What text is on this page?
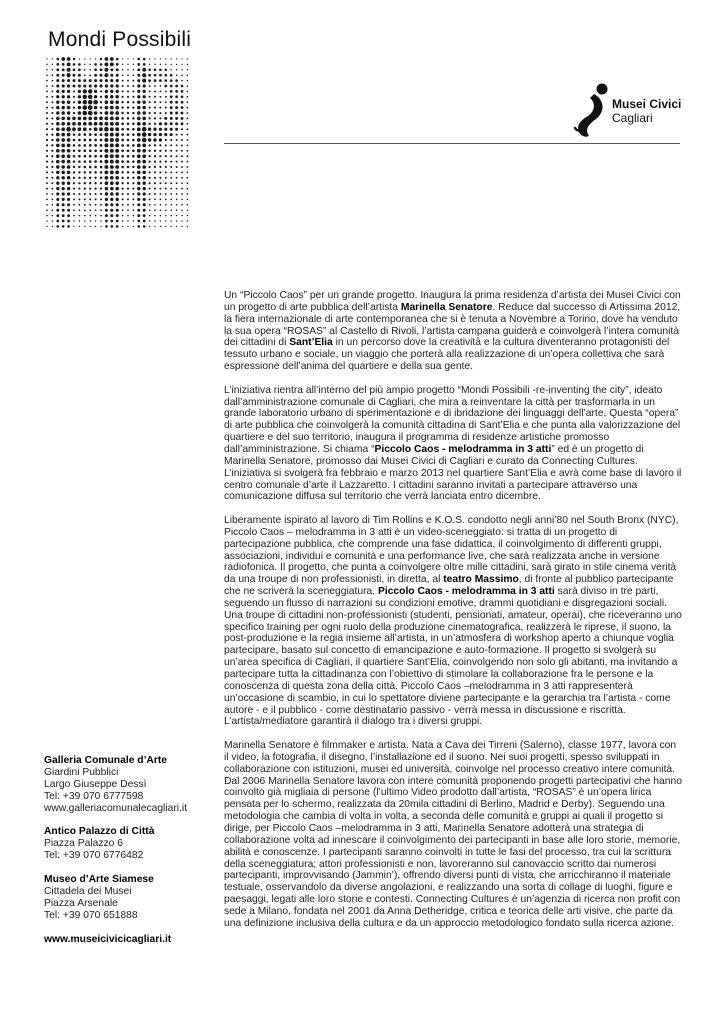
Mondi Possibili
Musei Civici
Cagliari

Un “Piccolo Caos” per un grande progetto. Inaugura la prima residenza d’artista dei Musei Civici con un progetto di arte pubblica dell’artista Marinella Senatore. Reduce dal successo di Artissima 2012, la fiera internazionale di arte contemporanea che si è tenuta a Novembre a Torino, dove ha venduto la sua opera “ROSAS” al Castello di Rivoli, l’artista campana guiderà e coinvolgerà l’intera comunità dei cittadini di Sant’Elia in un percorso dove la creatività e la cultura diventeranno protagonisti del tessuto urbano e sociale, un viaggio che porterà alla realizzazione di un’opera collettiva che sarà espressione dell’anima del quartiere e della sua gente.

L’iniziativa rientra all’interno del più ampio progetto “Mondi Possibili -re-inventing the city”, ideato dall’amministrazione comunale di Cagliari, che mira a reinventare la città per trasformarla in un grande laboratorio urbano di sperimentazione e di ibridazione dei linguaggi dell’arte. Questa “opera” di arte pubblica che coinvolgerà la comunità cittadina di Sant’Elia e che punta alla valorizzazione del quartiere e del suo territorio, inaugura il programma di residenze artistiche promosso dall’amministrazione. Si chiama “Piccolo Caos - melodramma in 3 atti” ed è un progetto di Marinella Senatore, promosso dai Musei Civici di Cagliari e curato da Connecting Cultures. L’iniziativa si svolgerà fra febbraio e marzo 2013 nel quartiere Sant’Elia e avrà come base di lavoro il centro comunale d’arte il Lazzaretto. I cittadini saranno invitati a partecipare attraverso una comunicazione diffusa sul territorio che verrà lanciata entro dicembre.

Liberamente ispirato al lavoro di Tim Rollins e K.O.S. condotto negli anni’80 nel South Bronx (NYC), Piccolo Caos – melodramma in 3 atti è un video-sceneggiato: si tratta di un progetto di partecipazione pubblica, che comprende una fase didattica, il coinvolgimento di differenti gruppi, associazioni, individui e comunità e una performance live, che sarà realizzata anche in versione radiofonica. Il progetto, che punta a coinvolgere oltre mille cittadini, sarà girato in stile cinema verità da una troupe di non professionisti, in diretta, al teatro Massimo, di fronte al pubblico partecipante che ne scriverà la sceneggiatura. Piccolo Caos - melodramma in 3 atti sarà diviso in tre parti, seguendo un flusso di narrazioni su condizioni emotive, drammi quotidiani e disgregazioni sociali. Una troupe di cittadini non-professionisti (studenti, pensionati, amateur, operai), che riceveranno uno specifico training per ogni ruolo della produzione cinematografica, realizzerà le riprese, il suono, la post-produzione e la regia insieme all’artista, in un’atmosfera di workshop aperto a chiunque voglia partecipare, basato sul concetto di emancipazione e auto-formazione. Il progetto si svolgerà su un’area specifica di Cagliari, il quartiere Sant’Elia, coinvolgendo non solo gli abitanti, ma invitando a partecipare tutta la cittadinanza con l’obiettivo di stimolare la collaborazione fra le persone e la conoscenza di questa zona della città. Piccolo Caos –melodramma in 3 atti rappresenterà un’occasione di scambio, in cui lo spettatore diviene partecipante e la gerarchia tra l’artista - come autore - e il pubblico - come destinatario passivo - verrà messa in discussione e riscritta. L’artista/mediatore garantirà il dialogo tra i diversi gruppi.

Marinella Senatore è filmmaker e artista. Nata a Cava dei Tirreni (Salerno), classe 1977, lavora con il video, la fotografia, il disegno, l’installazione ed il suono. Nei suoi progetti, spesso sviluppati in collaborazione con istituzioni, musei ed università, coinvolge nel processo creativo intere comunità. Dal 2006 Marinella Senatore lavora con intere comunità proponendo progetti partecipativi che hanno coinvolto già migliaia di persone (l’ultimo Video prodotto dall’artista, “ROSAS” è un’opera lirica pensata per lo schermo, realizzata da 20mila cittadini di Berlino, Madrid e Derby). Seguendo una metodologia che cambia di volta in volta, a seconda delle comunità e gruppi ai quali il progetto si dirige, per Piccolo Caos –melodramma in 3 atti, Marinella Senatore adotterà una strategia di collaborazione volta ad innescare il coinvolgimento dei partecipanti in base alle loro storie, memorie, abilità e conoscenze. I partecipanti saranno coinvolti in tutte le fasi del processo, tra cui la scrittura della sceneggiatura; attori professionisti e non, lavoreranno sul canovaccio scritto dai numerosi partecipanti, improvvisando (Jammin’), offrendo diversi punti di vista, che arricchiranno il materiale testuale, osservandolo da diverse angolazioni, e realizzando una sorta di collage di luoghi, figure e paesaggi, legati alle loro storie e contesti. Connecting Cultures è un’agenzia di ricerca non profit con sede a Milano, fondata nel 2001 da Anna Detheridge, critica e teorica delle arti visive, che parte da una definizione inclusiva della cultura e da un approccio metodologico fondato sulla ricerca azione.

Galleria Comunale d’Arte
Giardini Pubblici
Largo Giuseppe Dessì
Tel: +39 070 6777598
www.galleriacomunalecagliari.it
Antico Palazzo di Città
Piazza Palazzo 6
Tel: +39 070 6776482
Museo d’Arte Siamese
Cittadela dei Musei
Piazza Arsenale
Tel: +39 070 651888
www.museicivicicagliari.it
